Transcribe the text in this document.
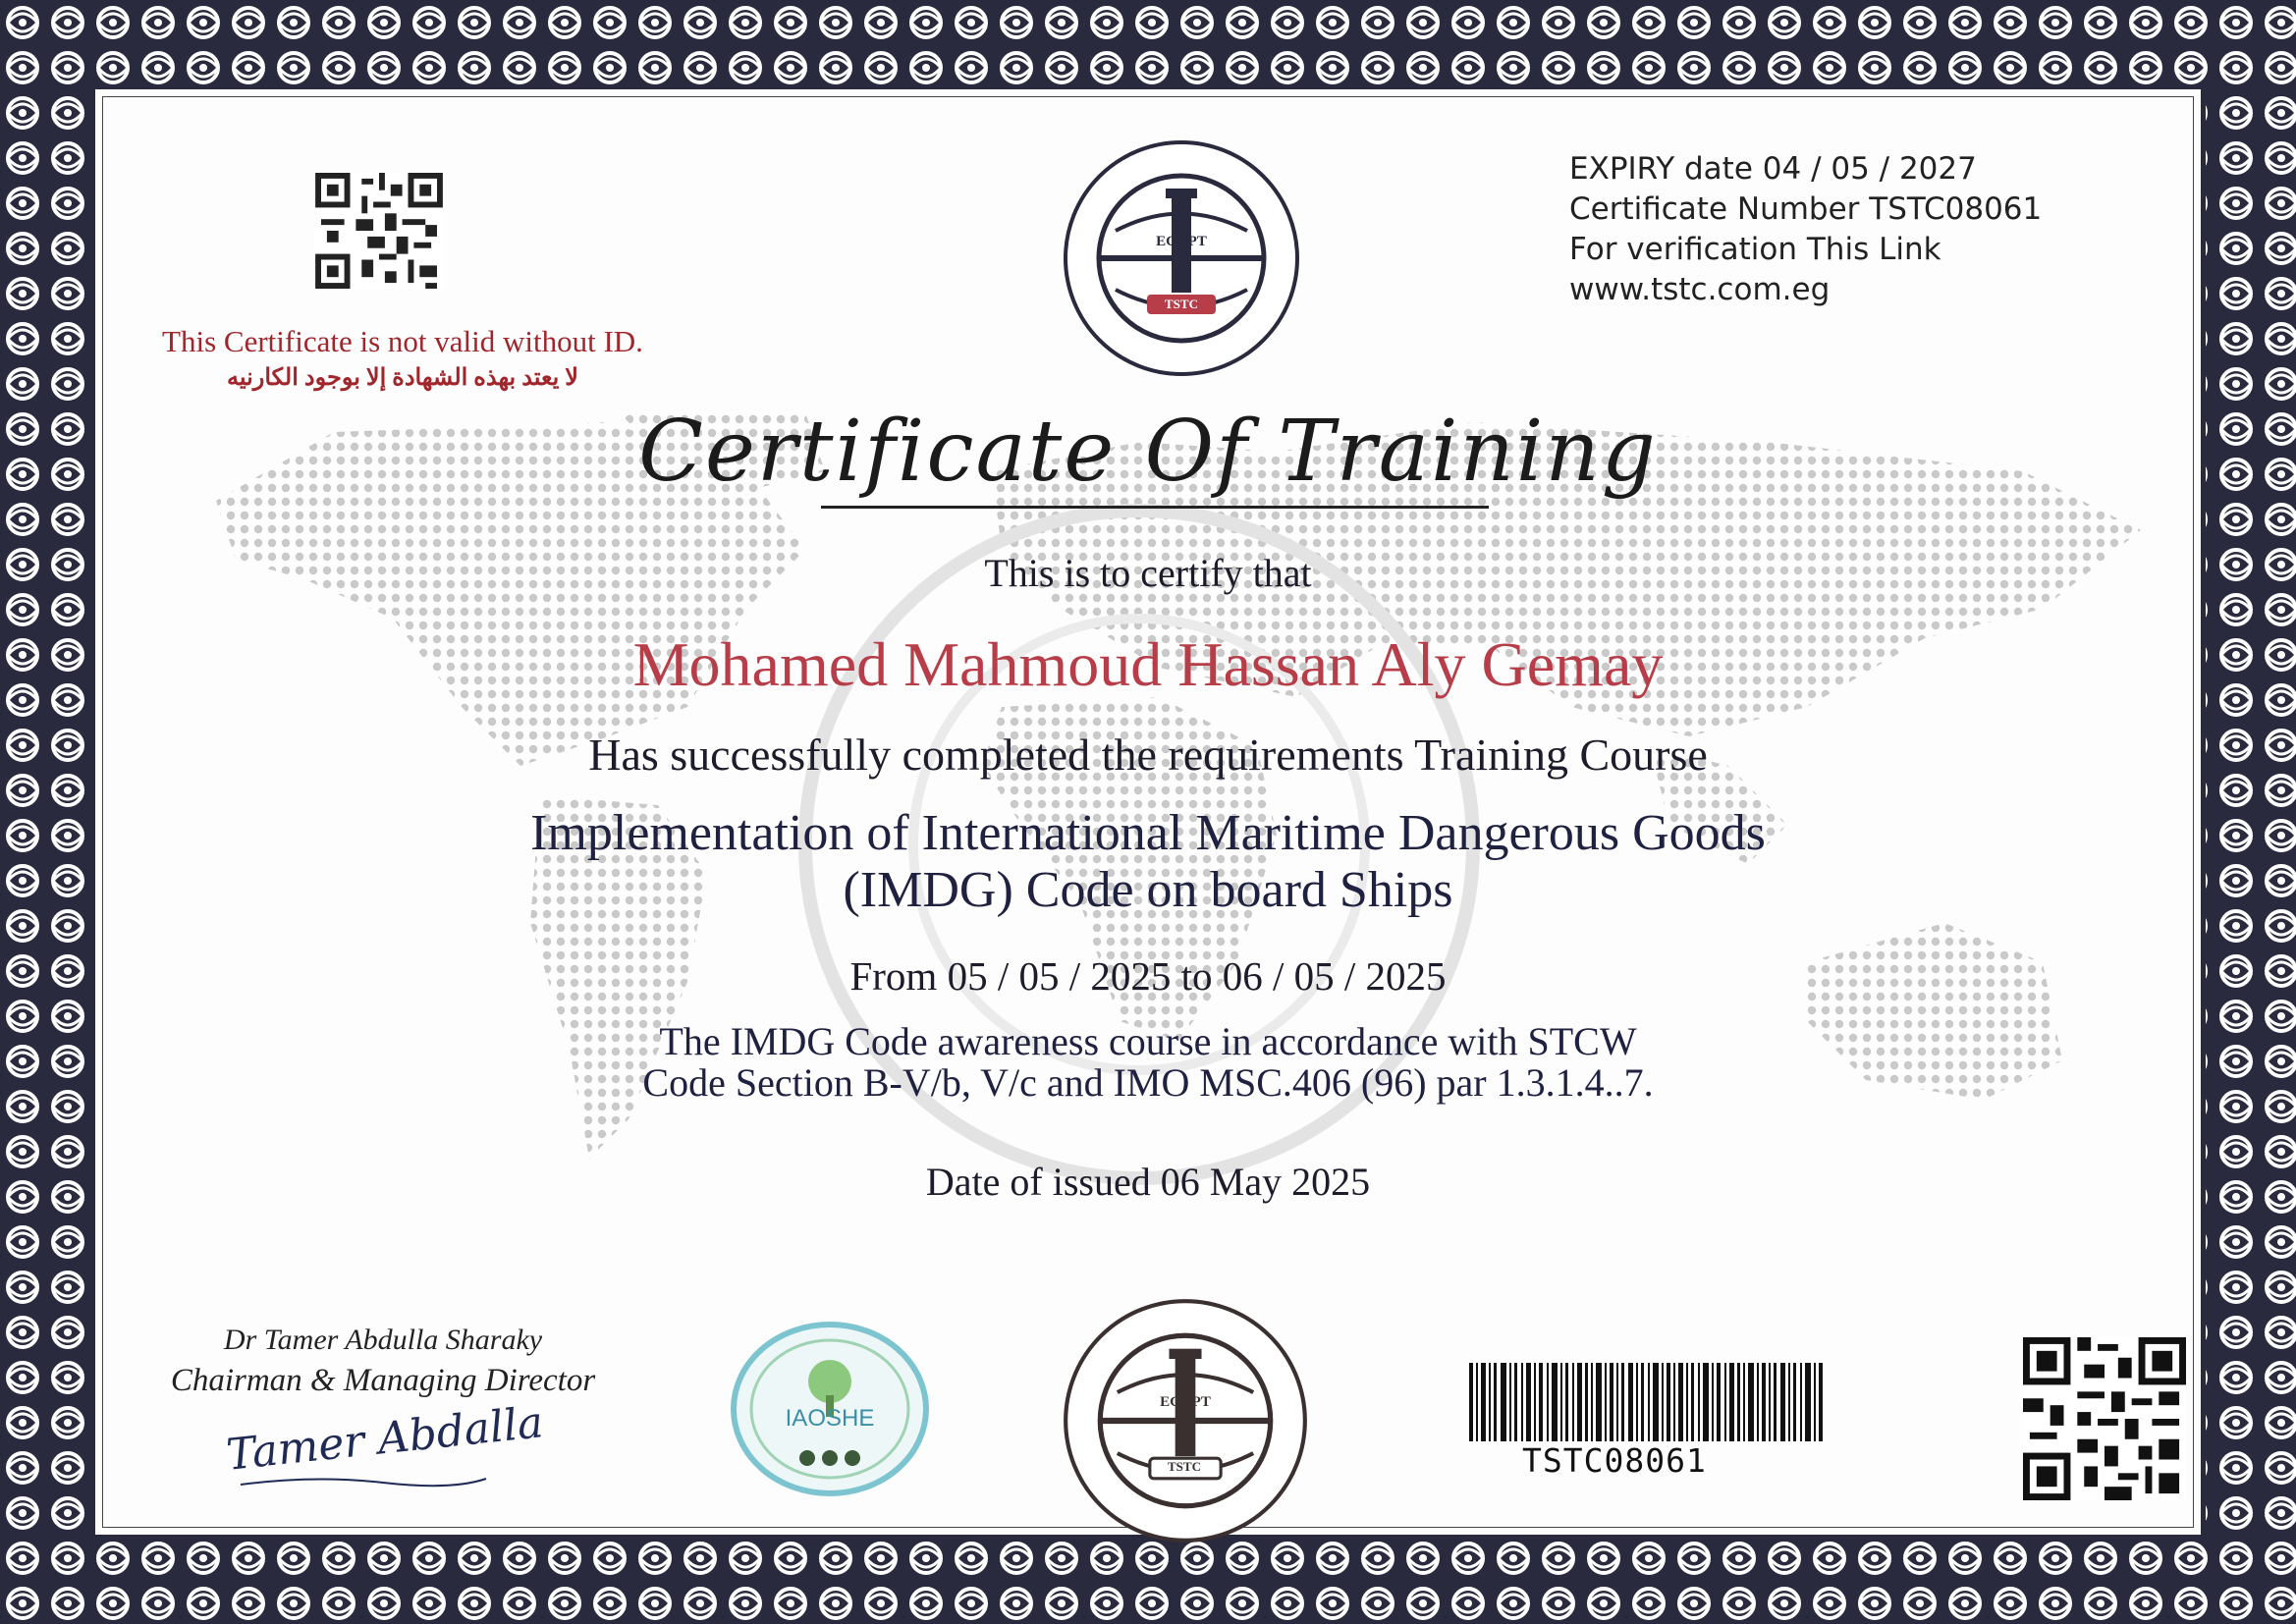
This Certificate is not valid without ID.
لا يعتد بهذه الشهادة إلا بوجود الكارنيه
EGYPT
TSTC
EXPIRY date 04 / 05 / 2027
Certificate Number TSTC08061
For verification This Link
www.tstc.com.eg
Certificate Of Training
This is to certify that
Mohamed Mahmoud Hassan Aly Gemay
Has successfully completed the requirements Training Course
Implementation of International Maritime Dangerous Goods
(IMDG) Code on board Ships
From 05 / 05 / 2025 to 06 / 05 / 2025
The IMDG Code awareness course in accordance with STCW
Code Section B-V/b, V/c and IMO MSC.406 (96) par 1.3.1.4..7.
Date of issued 06 May 2025
Dr Tamer Abdulla Sharaky
Chairman & Managing Director
Tamer Abdalla	IAOSHE
EGYPT
TSTC	TSTC08061
